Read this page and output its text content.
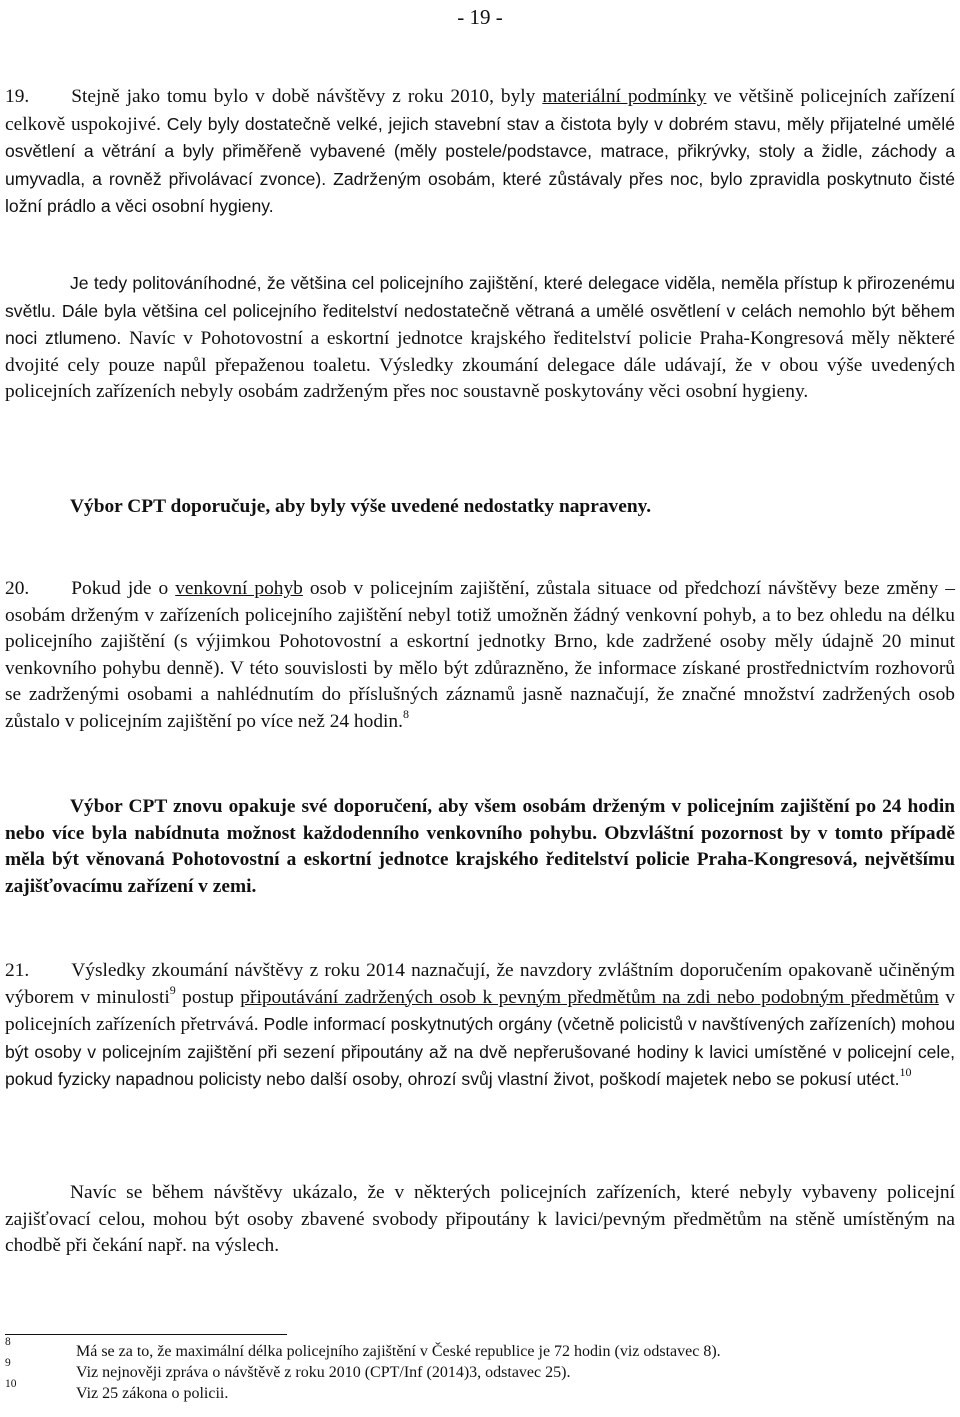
- 19 -

19. Stejně jako tomu bylo v době návštěvy z roku 2010, byly materiální podmínky ve většině policejních zařízení celkově uspokojivé. Cely byly dostatečně velké, jejich stavební stav a čistota byly v dobrém stavu, měly přijatelné umělé osvětlení a větrání a byly přiměřeně vybavené (měly postele/podstavce, matrace, přikrývky, stoly a židle, záchody a umyvadla, a rovněž přivolávací zvonce). Zadrženým osobám, které zůstávaly přes noc, bylo zpravidla poskytnuto čisté ložní prádlo a věci osobní hygieny.

Je tedy politováníhodné, že většina cel policejního zajištění, které delegace viděla, neměla přístup k přirozenému světlu. Dále byla většina cel policejního ředitelství nedostatečně větraná a umělé osvětlení v celách nemohlo být během noci ztlumeno. Navíc v Pohotovostní a eskortní jednotce krajského ředitelství policie Praha-Kongresová měly některé dvojité cely pouze napůl přepaženou toaletu. Výsledky zkoumání delegace dále udávají, že v obou výše uvedených policejních zařízeních nebyly osobám zadrženým přes noc soustavně poskytovány věci osobní hygieny.

Výbor CPT doporučuje, aby byly výše uvedené nedostatky napraveny.

20. Pokud jde o venkovní pohyb osob v policejním zajištění, zůstala situace od předchozí návštěvy beze změny – osobám drženým v zařízeních policejního zajištění nebyl totiž umožněn žádný venkovní pohyb, a to bez ohledu na délku policejního zajištění (s výjimkou Pohotovostní a eskortní jednotky Brno, kde zadržené osoby měly údajně 20 minut venkovního pohybu denně). V této souvislosti by mělo být zdůrazněno, že informace získané prostřednictvím rozhovorů se zadrženými osobami a nahlédnutím do příslušných záznamů jasně naznačují, že značné množství zadržených osob zůstalo v policejním zajištění po více než 24 hodin.$^8$

Výbor CPT znovu opakuje své doporučení, aby všem osobám drženým v policejním zajištění po 24 hodin nebo více byla nabídnuta možnost každodenního venkovního pohybu. Obzvláštní pozornost by v tomto případě měla být věnovaná Pohotovostní a eskortní jednotce krajského ředitelství policie Praha-Kongresová, největšímu zajišťovacímu zařízení v zemi.

21. Výsledky zkoumání návštěvy z roku 2014 naznačují, že navzdory zvláštním doporučením opakovaně učiněným výborem v minulosti$^9$ postup připoutávání zadržených osob k pevným předmětům na zdi nebo podobným předmětům v policejních zařízeních přetrvává. Podle informací poskytnutých orgány (včetně policistů v navštívených zařízeních) mohou být osoby v policejním zajištění při sezení připoutány až na dvě nepřerušované hodiny k lavici umístěné v policejní cele, pokud fyzicky napadnou policisty nebo další osoby, ohrozí svůj vlastní život, poškodí majetek nebo se pokusí utéct.$^{10}$

Navíc se během návštěvy ukázalo, že v některých policejních zařízeních, které nebyly vybaveny policejní zajišťovací celou, mohou být osoby zbavené svobody připoutány k lavici/pevným předmětům na stěně umístěným na chodbě při čekání např. na výslech.

8
Má se za to, že maximální délka policejního zajištění v České republice je 72 hodin (viz odstavec 8).
9
Viz nejnověji zpráva o návštěvě z roku 2010 (CPT/Inf (2014)3, odstavec 25).
10
Viz 25 zákona o policii.
